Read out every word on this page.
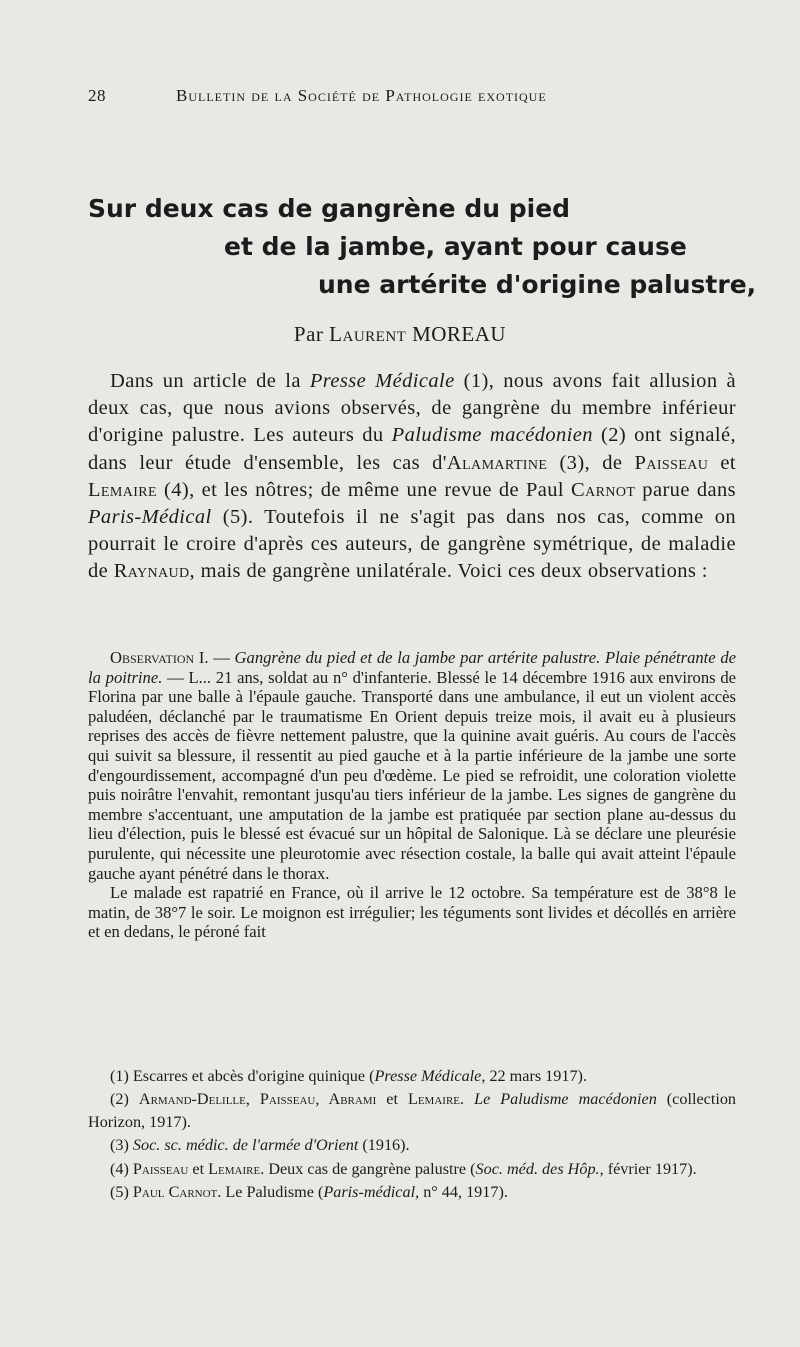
28	Bulletin de la Société de Pathologie exotique
Sur deux cas de gangrène du pied
et de la jambe, ayant pour cause
une artérite d'origine palustre,
Par Laurent MOREAU

Dans un article de la Presse Médicale (1), nous avons fait allusion à deux cas, que nous avions observés, de gangrène du membre inférieur d'origine palustre. Les auteurs du Paludisme macédonien (2) ont signalé, dans leur étude d'ensemble, les cas d'Alamartine (3), de Paisseau et Lemaire (4), et les nôtres; de même une revue de Paul Carnot parue dans Paris-Médical (5). Toutefois il ne s'agit pas dans nos cas, comme on pourrait le croire d'après ces auteurs, de gangrène symétrique, de maladie de Raynaud, mais de gangrène unilatérale. Voici ces deux observations :

Observation I. — Gangrène du pied et de la jambe par artérite palustre. Plaie pénétrante de la poitrine. — L... 21 ans, soldat au n° d'infanterie. Blessé le 14 décembre 1916 aux environs de Florina par une balle à l'épaule gauche. Transporté dans une ambulance, il eut un violent accès paludéen, déclanché par le traumatisme En Orient depuis treize mois, il avait eu à plusieurs reprises des accès de fièvre nettement palustre, que la quinine avait guéris. Au cours de l'accès qui suivit sa blessure, il ressentit au pied gauche et à la partie inférieure de la jambe une sorte d'engourdissement, accompagné d'un peu d'œdème. Le pied se refroidit, une coloration violette puis noirâtre l'envahit, remontant jusqu'au tiers inférieur de la jambe. Les signes de gangrène du membre s'accentuant, une amputation de la jambe est pratiquée par section plane au-dessus du lieu d'élection, puis le blessé est évacué sur un hôpital de Salonique. Là se déclare une pleurésie purulente, qui nécessite une pleurotomie avec résection costale, la balle qui avait atteint l'épaule gauche ayant pénétré dans le thorax.

Le malade est rapatrié en France, où il arrive le 12 octobre. Sa température est de 38°8 le matin, de 38°7 le soir. Le moignon est irrégulier; les téguments sont livides et décollés en arrière et en dedans, le péroné fait

(1) Escarres et abcès d'origine quinique (Presse Médicale, 22 mars 1917).

(2) Armand-Delille, Paisseau, Abrami et Lemaire. Le Paludisme macédonien (collection Horizon, 1917).

(3) Soc. sc. médic. de l'armée d'Orient (1916).

(4) Paisseau et Lemaire. Deux cas de gangrène palustre (Soc. méd. des Hôp., février 1917).

(5) Paul Carnot. Le Paludisme (Paris-médical, n° 44, 1917).
